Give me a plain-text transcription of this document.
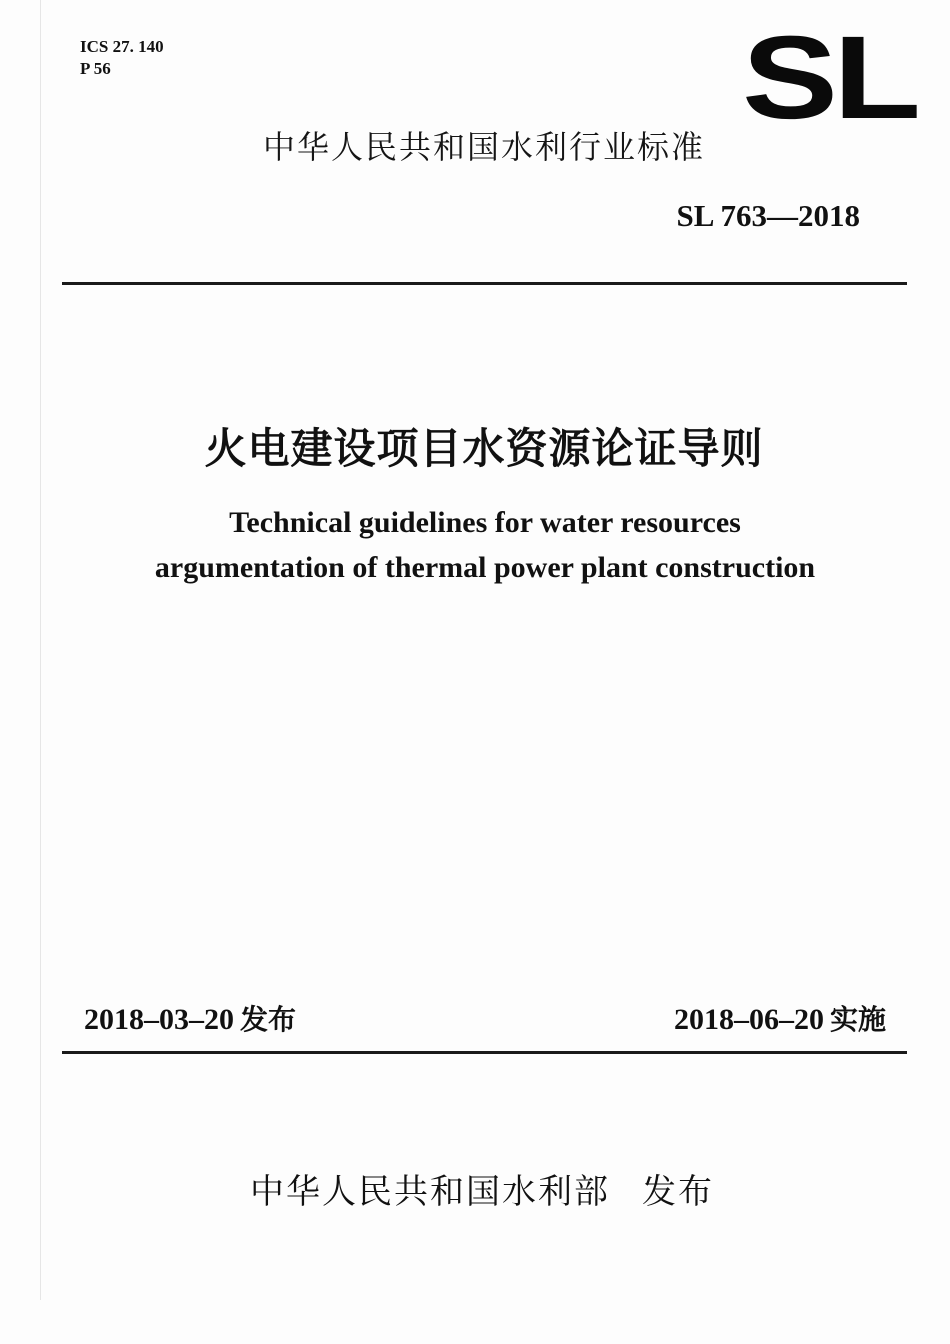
ICS 27. 140
P 56	SL
中华人民共和国水利行业标准
SL 763—2018
火电建设项目水资源论证导则
Technical guidelines for water resources
argumentation of thermal power plant construction
2018–03–20 发布	2018–06–20 实施
中华人民共和国水利部 发布
